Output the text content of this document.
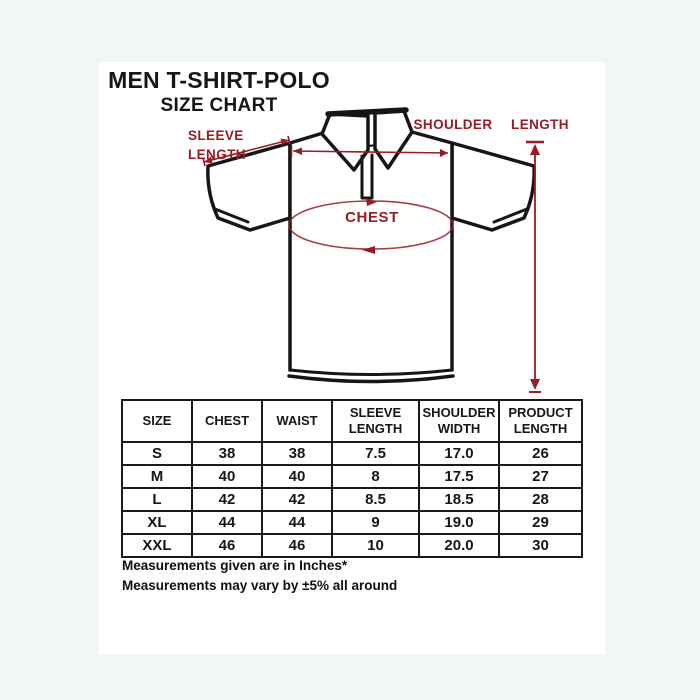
MEN T-SHIRT-POLO
SIZE CHART
CHEST
SLEEVE
LENGTH
SHOULDER LENGTH
SIZE	CHEST	WAIST	SLEEVE LENGTH	SHOULDER WIDTH	PRODUCT LENGTH
S	38	38	7.5	17.0	26
M	40	40	8	17.5	27
L	42	42	8.5	18.5	28
XL	44	44	9	19.0	29
XXL	46	46	10	20.0	30
Measurements given are in Inches*
Measurements may vary by ±5% all around
